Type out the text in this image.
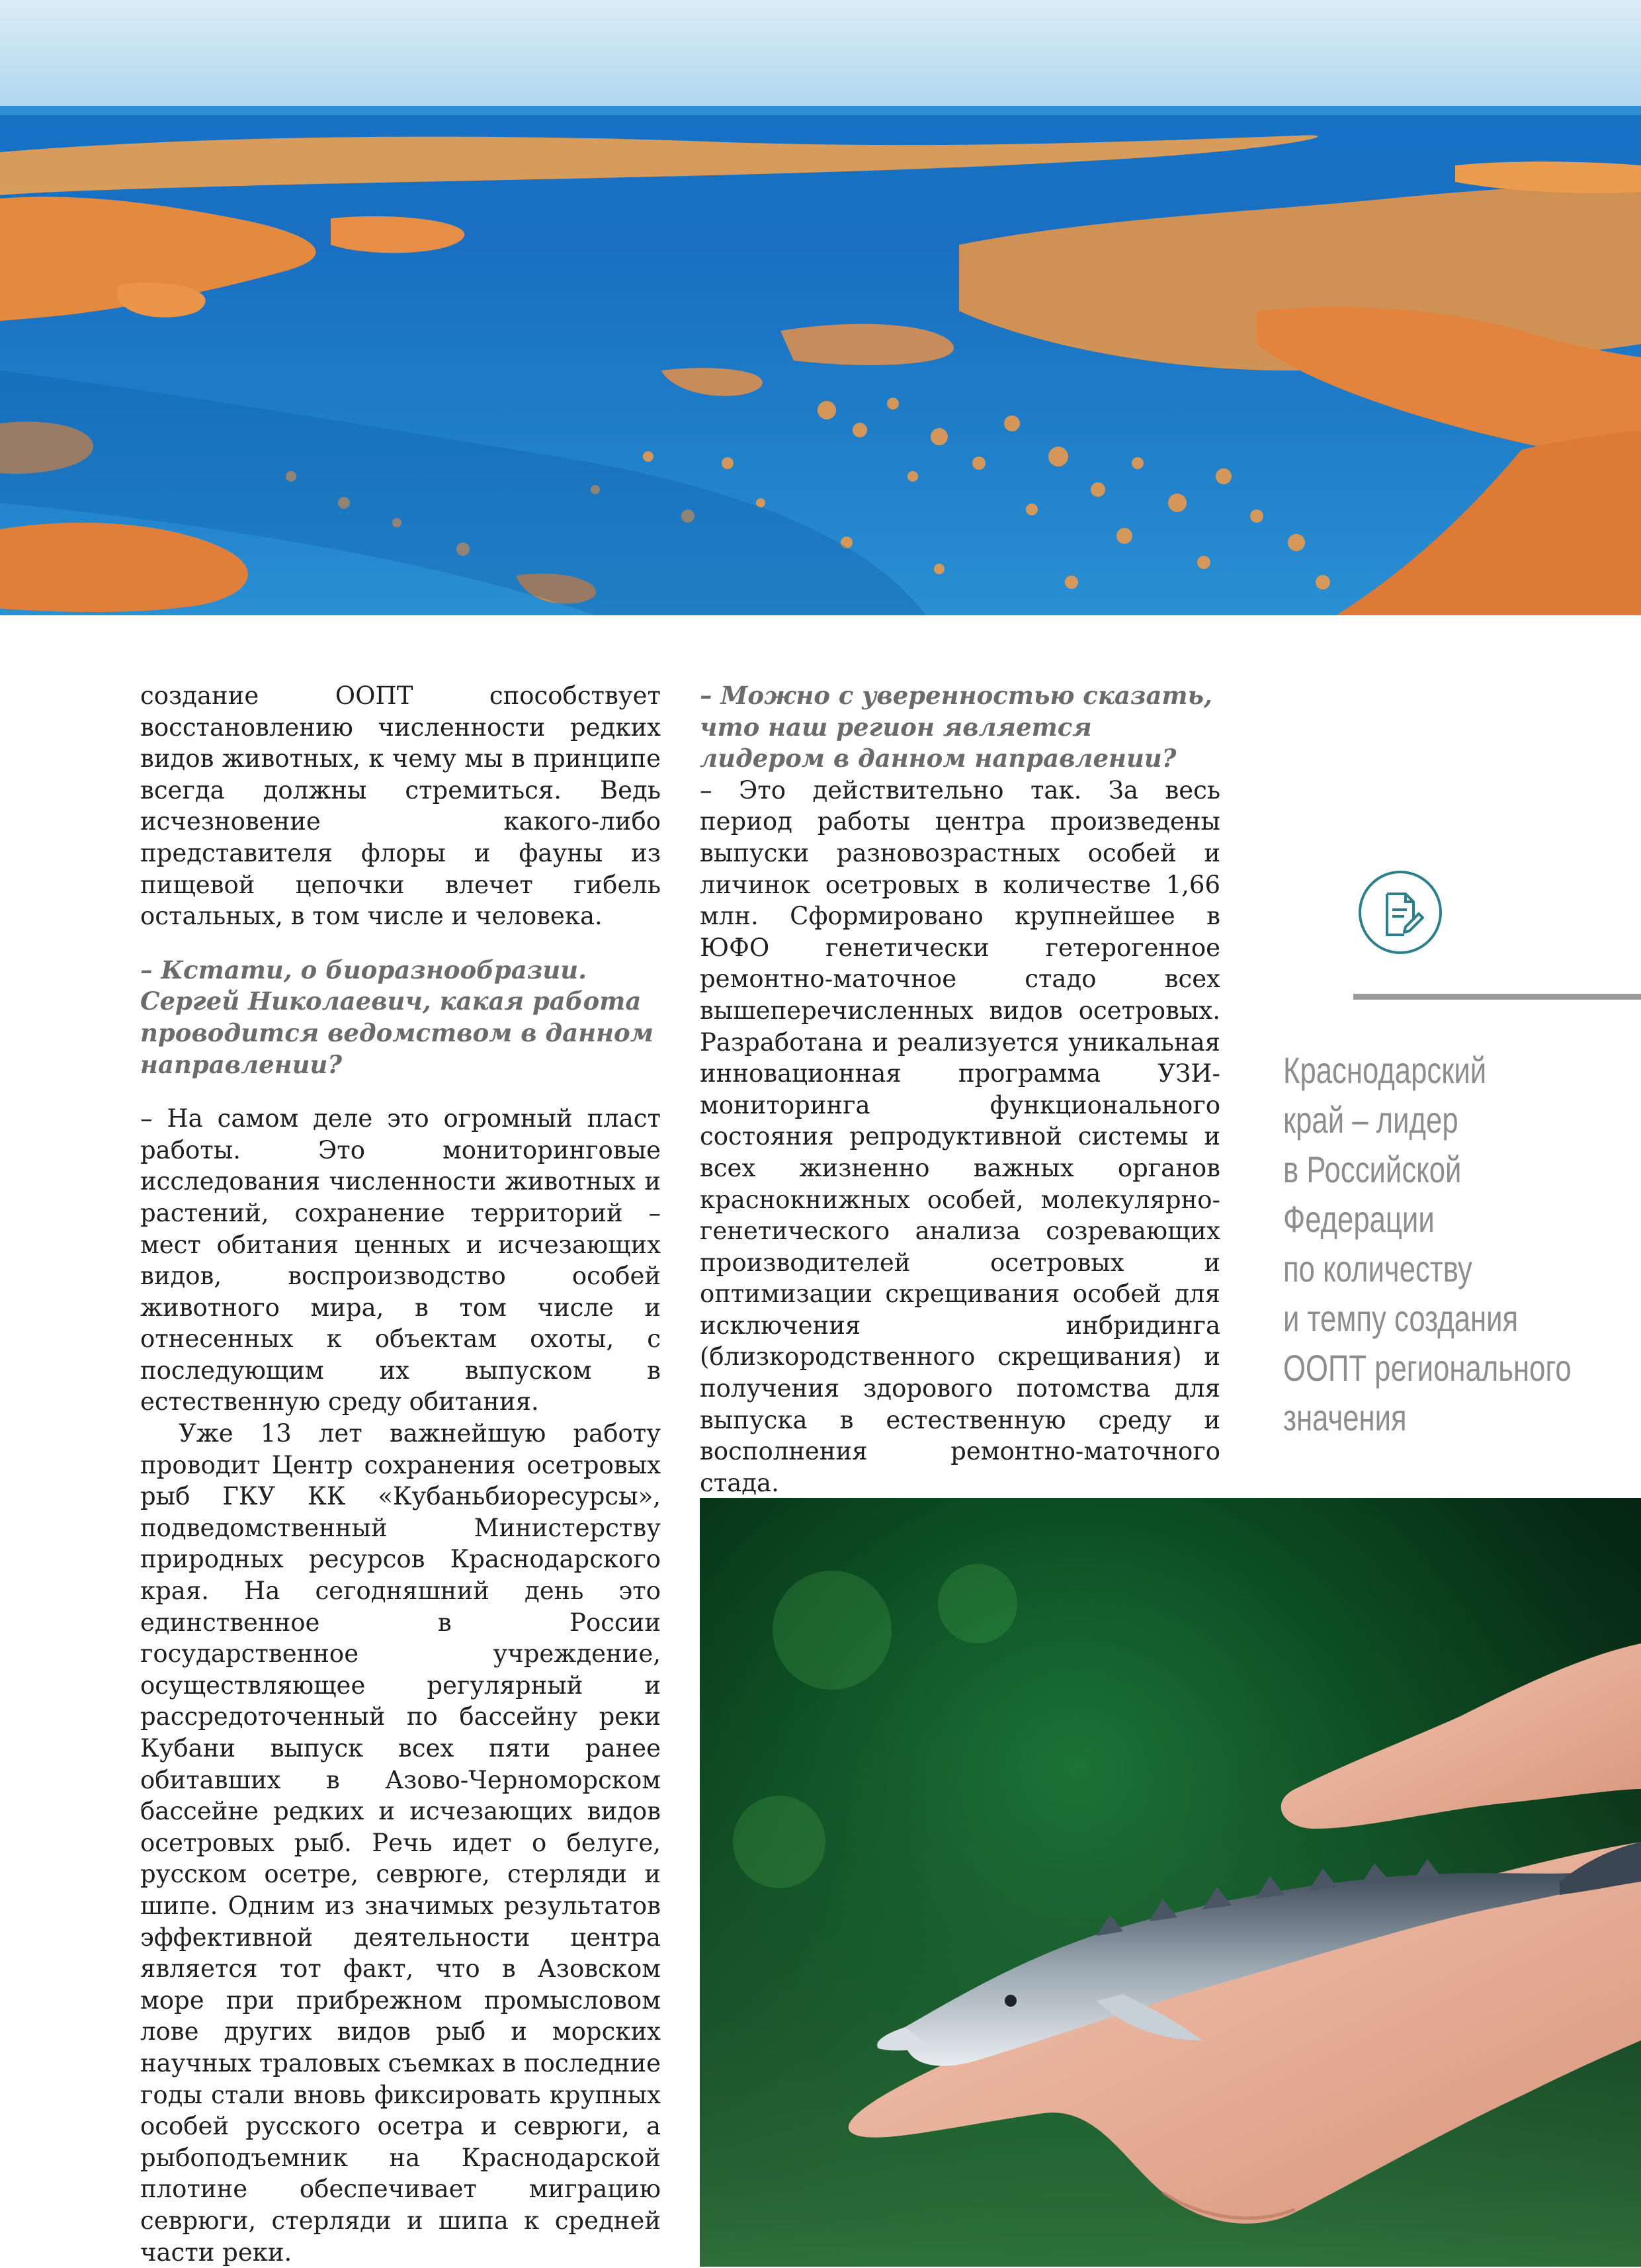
создание ООПТ способствует восстановлению численности редких видов животных, к чему мы в принципе всегда должны стремиться. Ведь исчезновение какого-либо представителя флоры и фауны из пищевой цепочки влечет гибель остальных, в том числе и человека.

– Кстати, о биоразнообразии. Сергей Николаевич, какая работа проводится ведомством в данном направлении?

– На самом деле это огромный пласт работы. Это мониторинговые исследования численности животных и растений, сохранение территорий – мест обитания ценных и исчезающих видов, воспроизводство особей животного мира, в том числе и отнесенных к объектам охоты, с последующим их выпуском в естественную среду обитания.

Уже 13 лет важнейшую работу проводит Центр сохранения осетровых рыб ГКУ КК «Кубаньбиоресурсы», подведомственный Министерству природных ресурсов Краснодарского края. На сегодняшний день это единственное в России государственное учреждение, осуществляющее регулярный и рассредоточенный по бассейну реки Кубани выпуск всех пяти ранее обитавших в Азово-Черноморском бассейне редких и исчезающих видов осетровых рыб. Речь идет о белуге, русском осетре, севрюге, стерляди и шипе. Одним из значимых результатов эффективной деятельности центра является тот факт, что в Азовском море при прибрежном промысловом лове других видов рыб и морских научных траловых съемках в последние годы стали вновь фиксировать крупных особей русского осетра и севрюги, а рыбоподъемник на Краснодарской плотине обеспечивает миграцию севрюги, стерляди и шипа к средней части реки.

– Можно с уверенностью сказать, что наш регион является лидером в данном направлении?

– Это действительно так. За весь период работы центра произведены выпуски разновозрастных особей и личинок осетровых в количестве 1,66 млн. Сформировано крупнейшее в ЮФО генетически гетерогенное ремонтно-маточное стадо всех вышеперечисленных видов осетровых. Разработана и реализуется уникальная инновационная программа УЗИ-мониторинга функционального состояния репродуктивной системы и всех жизненно важных органов краснокнижных особей, молекулярно-генетического анализа созревающих производителей осетровых и оптимизации скрещивания особей для исключения инбридинга (близкородственного скрещивания) и получения здорового потомства для выпуска в естественную среду и восполнения ремонтно-маточного стада.

Краснодарский
край – лидер
в Российской
Федерации
по количеству
и темпу создания
ООПТ регионального
значения
